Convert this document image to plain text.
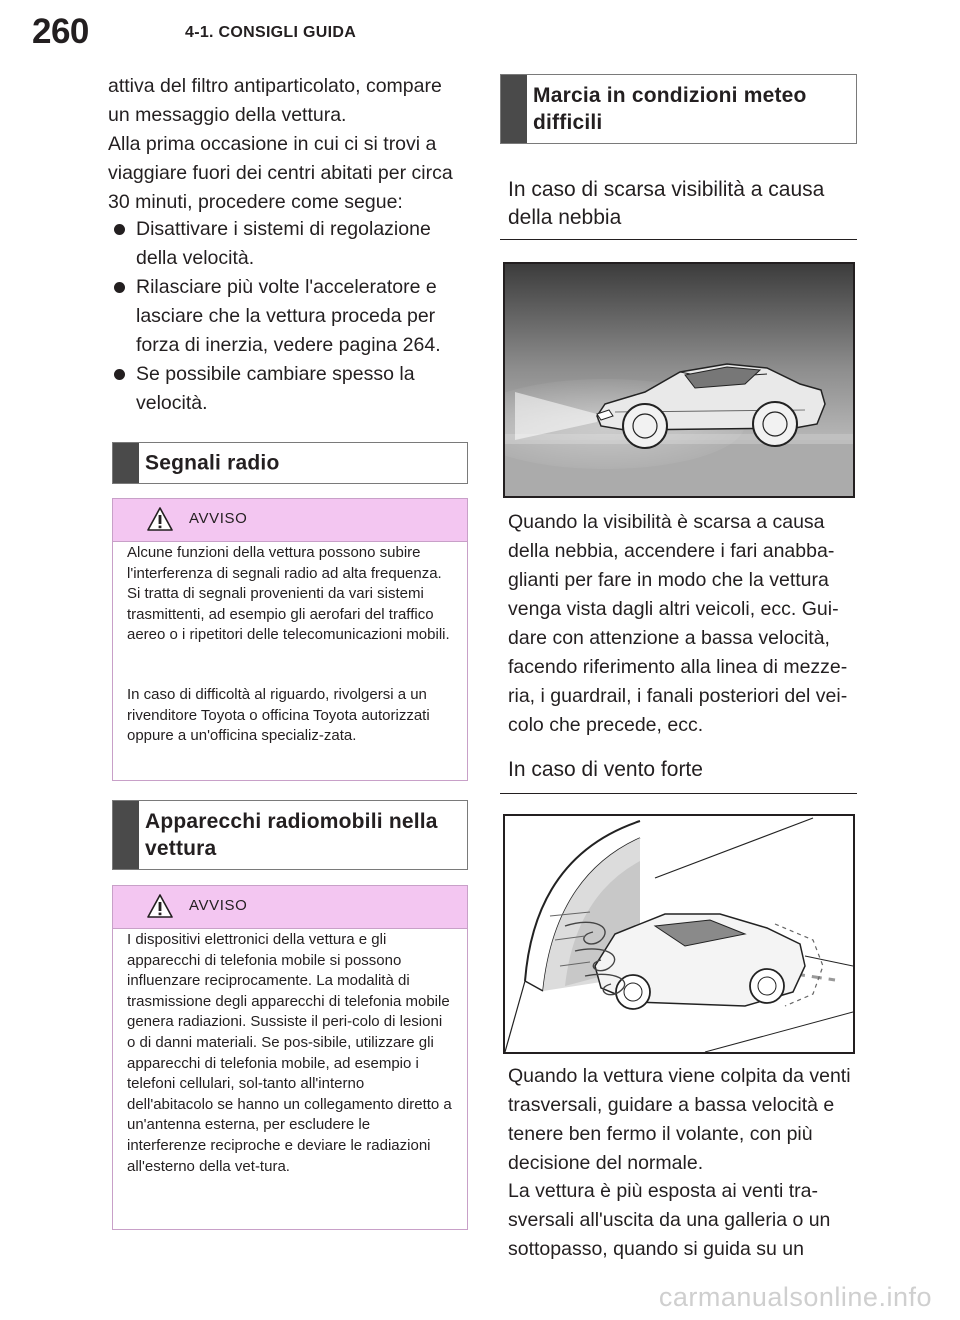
260	4-1. CONSIGLI GUIDA
attiva del filtro antiparticolato, compare un messaggio della vettura.
Alla prima occasione in cui ci si trovi a viaggiare fuori dei centri abitati per circa 30 minuti, procedere come segue:
Disattivare i sistemi di regolazione della velocità.
Rilasciare più volte l'acceleratore e lasciare che la vettura proceda per forza di inerzia, vedere pagina 264.
Se possibile cambiare spesso la velocità.
Segnali radio
AVVISO
Alcune funzioni della vettura possono subire l'interferenza di segnali radio ad alta frequenza. Si tratta di segnali provenienti da vari sistemi trasmittenti, ad esempio gli aerofari del traffico aereo o i ripetitori delle telecomunicazioni mobili.
In caso di difficoltà al riguardo, rivolgersi a un rivenditore Toyota o officina Toyota autorizzati oppure a un'officina specializ-zata.
Apparecchi radiomobili nella vettura
AVVISO
I dispositivi elettronici della vettura e gli apparecchi di telefonia mobile si possono influenzare reciprocamente. La modalità di trasmissione degli apparecchi di telefonia mobile genera radiazioni. Sussiste il peri-colo di lesioni o di danni materiali. Se pos-sibile, utilizzare gli apparecchi di telefonia mobile, ad esempio i telefoni cellulari, sol-tanto all'interno dell'abitacolo se hanno un collegamento diretto a un'antenna esterna, per escludere le interferenze reciproche e deviare le radiazioni all'esterno della vet-tura.
Marcia in condizioni meteo difficili
In caso di scarsa visibilità a causa della nebbia
Quando la visibilità è scarsa a causa della nebbia, accendere i fari anabba-glianti per fare in modo che la vettura venga vista dagli altri veicoli, ecc. Gui-dare con attenzione a bassa velocità, facendo riferimento alla linea di mezze-ria, i guardrail, i fanali posteriori del vei-colo che precede, ecc.
In caso di vento forte
Quando la vettura viene colpita da venti trasversali, guidare a bassa velocità e tenere ben fermo il volante, con più decisione del normale.
La vettura è più esposta ai venti tra-sversali all'uscita da una galleria o un sottopasso, quando si guida su un
carmanualsonline.info
